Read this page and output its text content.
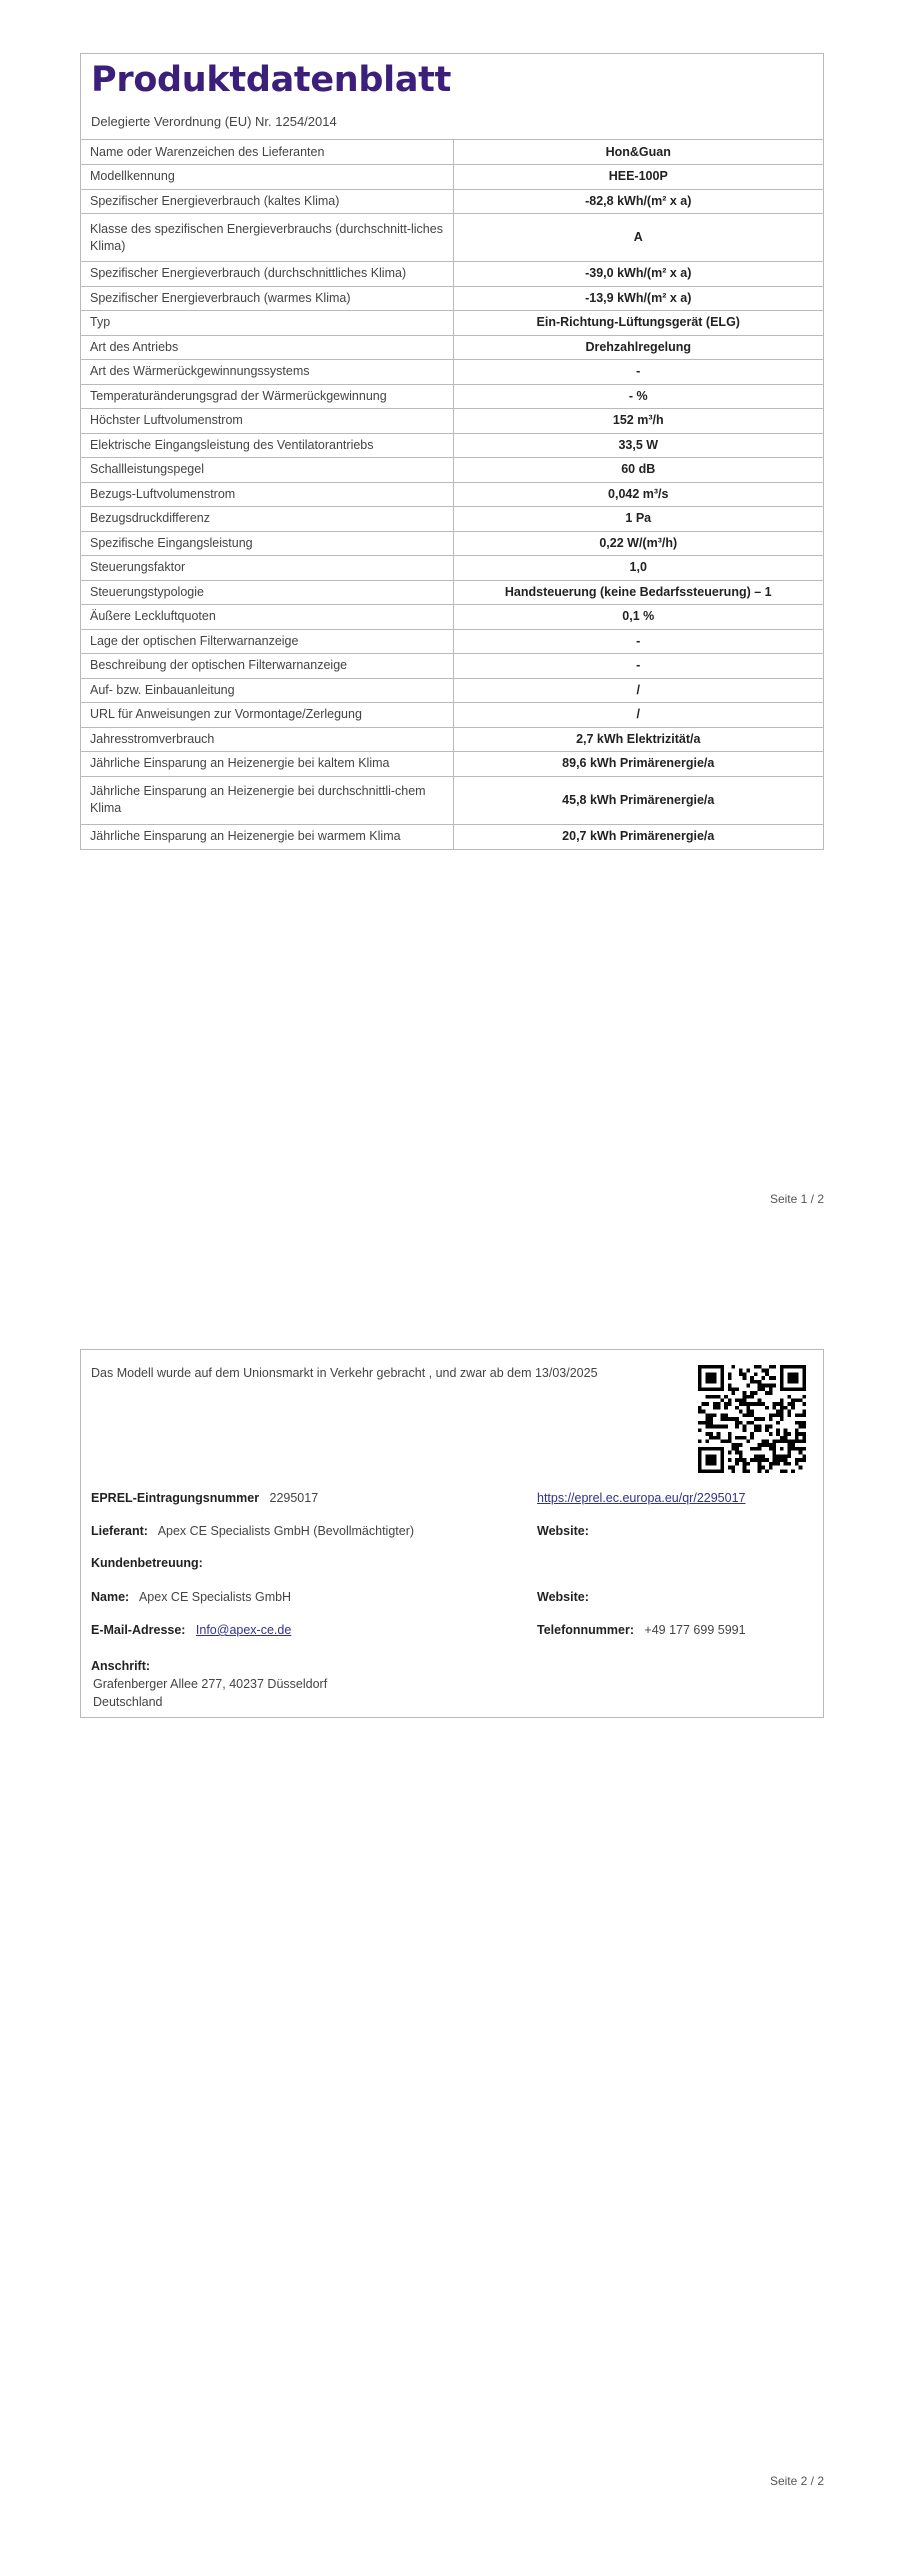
Produktdatenblatt
Delegierte Verordnung (EU) Nr. 1254/2014
Name oder Warenzeichen des Lieferanten	Hon&Guan
Modellkennung	HEE-100P
Spezifischer Energieverbrauch (kaltes Klima)	-82,8 kWh/(m² x a)
Klasse des spezifischen Energieverbrauchs (durchschnitt-liches Klima)	A
Spezifischer Energieverbrauch (durchschnittliches Klima)	-39,0 kWh/(m² x a)
Spezifischer Energieverbrauch (warmes Klima)	-13,9 kWh/(m² x a)
Typ	Ein-Richtung-Lüftungsgerät (ELG)
Art des Antriebs	Drehzahlregelung
Art des Wärmerückgewinnungssystems	-
Temperaturänderungsgrad der Wärmerückgewinnung	- %
Höchster Luftvolumenstrom	152 m³/h
Elektrische Eingangsleistung des Ventilatorantriebs	33,5 W
Schallleistungspegel	60 dB
Bezugs-Luftvolumenstrom	0,042 m³/s
Bezugsdruckdifferenz	1 Pa
Spezifische Eingangsleistung	0,22 W/(m³/h)
Steuerungsfaktor	1,0
Steuerungstypologie	Handsteuerung (keine Bedarfssteuerung) – 1
Äußere Leckluftquoten	0,1 %
Lage der optischen Filterwarnanzeige	-
Beschreibung der optischen Filterwarnanzeige	-
Auf- bzw. Einbauanleitung	/
URL für Anweisungen zur Vormontage/Zerlegung	/
Jahresstromverbrauch	2,7 kWh Elektrizität/a
Jährliche Einsparung an Heizenergie bei kaltem Klima	89,6 kWh Primärenergie/a
Jährliche Einsparung an Heizenergie bei durchschnittli-chem Klima	45,8 kWh Primärenergie/a
Jährliche Einsparung an Heizenergie bei warmem Klima	20,7 kWh Primärenergie/a
Seite 1 / 2
Das Modell wurde auf dem Unionsmarkt in Verkehr gebracht , und zwar ab dem 13/03/2025
EPREL-Eintragungsnummer 2295017	https://eprel.ec.europa.eu/qr/2295017
Lieferant: Apex CE Specialists GmbH (Bevollmächtigter)	Website:
Kundenbetreuung:
Name: Apex CE Specialists GmbH	Website:
E-Mail-Adresse: Info@apex-ce.de	Telefonnummer: +49 177 699 5991
Anschrift:
Grafenberger Allee 277, 40237 Düsseldorf
Deutschland
Seite 2 / 2
